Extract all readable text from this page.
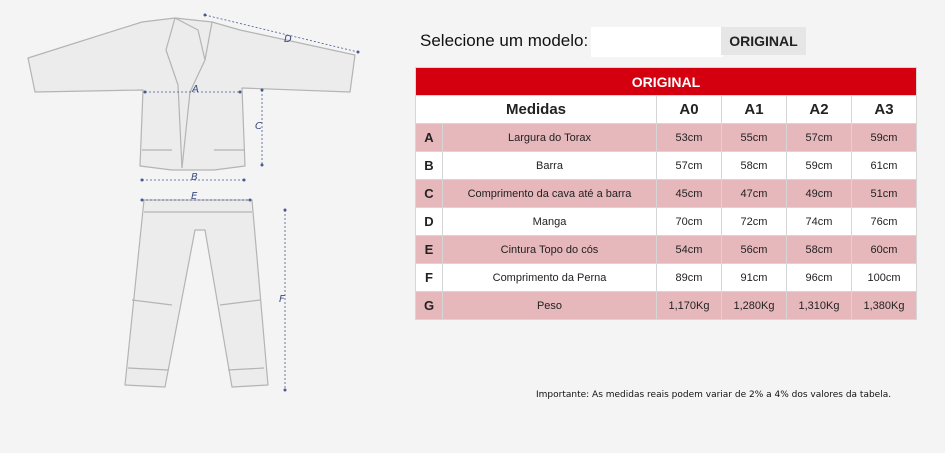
D
A
C
B
E
F
Selecione um modelo:	ORIGINAL
ORIGINAL					
Medidas		A0	A1	A2	A3
A	Largura do Torax	53cm	55cm	57cm	59cm
B	Barra	57cm	58cm	59cm	61cm
C	Comprimento da cava até a barra	45cm	47cm	49cm	51cm
D	Manga	70cm	72cm	74cm	76cm
E	Cintura Topo do cós	54cm	56cm	58cm	60cm
F	Comprimento da Perna	89cm	91cm	96cm	100cm
G	Peso	1,170Kg	1,280Kg	1,310Kg	1,380Kg
Importante: As medidas reais podem variar de 2% a 4% dos valores da tabela.
